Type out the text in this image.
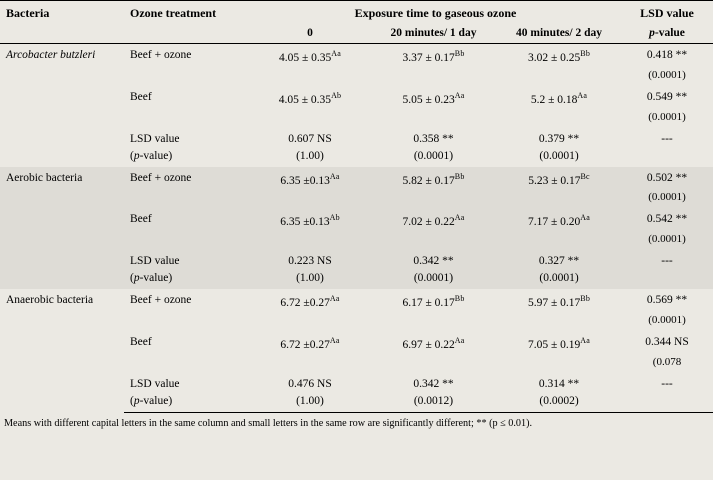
Bacteria	Ozone treatment	Exposure time to gaseous ozone			LSD value
		0	20 minutes/ 1 day	40 minutes/ 2 day	p-value
Arcobacter butzleri	Beef + ozone	$4.05 \pm 0.35^{Aa}$	$3.37 \pm 0.17^{Bb}$	$3.02 \pm 0.25^{Bb}$	0.418 **
					(0.0001)
	Beef	$4.05 \pm 0.35^{Ab}$	$5.05 \pm 0.23^{Aa}$	$5.2 \pm 0.18^{Aa}$	0.549 **
					(0.0001)
	LSD value	0.607 NS	0.358 **	0.379 **	---
	(p-value)	(1.00)	(0.0001)	(0.0001)	
Aerobic bacteria	Beef + ozone	$6.35 \pm 0.13^{Aa}$	$5.82 \pm 0.17^{Bb}$	$5.23 \pm 0.17^{Bc}$	0.502 **
					(0.0001)
	Beef	$6.35 \pm 0.13^{Ab}$	$7.02 \pm 0.22^{Aa}$	$7.17 \pm 0.20^{Aa}$	0.542 **
					(0.0001)
	LSD value	0.223 NS	0.342 **	0.327 **	---
	(p-value)	(1.00)	(0.0001)	(0.0001)	
Anaerobic bacteria	Beef + ozone	$6.72 \pm 0.27^{Aa}$	$6.17 \pm 0.17^{Bb}$	$5.97 \pm 0.17^{Bb}$	0.569 **
					(0.0001)
	Beef	$6.72 \pm 0.27^{Aa}$	$6.97 \pm 0.22^{Aa}$	$7.05 \pm 0.19^{Aa}$	0.344 NS
					(0.078
	LSD value	0.476 NS	0.342 **	0.314 **	---
	(p-value)	(1.00)	(0.0012)	(0.0002)	
Means with different capital letters in the same column and small letters in the same row are significantly different; ** (p ≤ 0.01).
